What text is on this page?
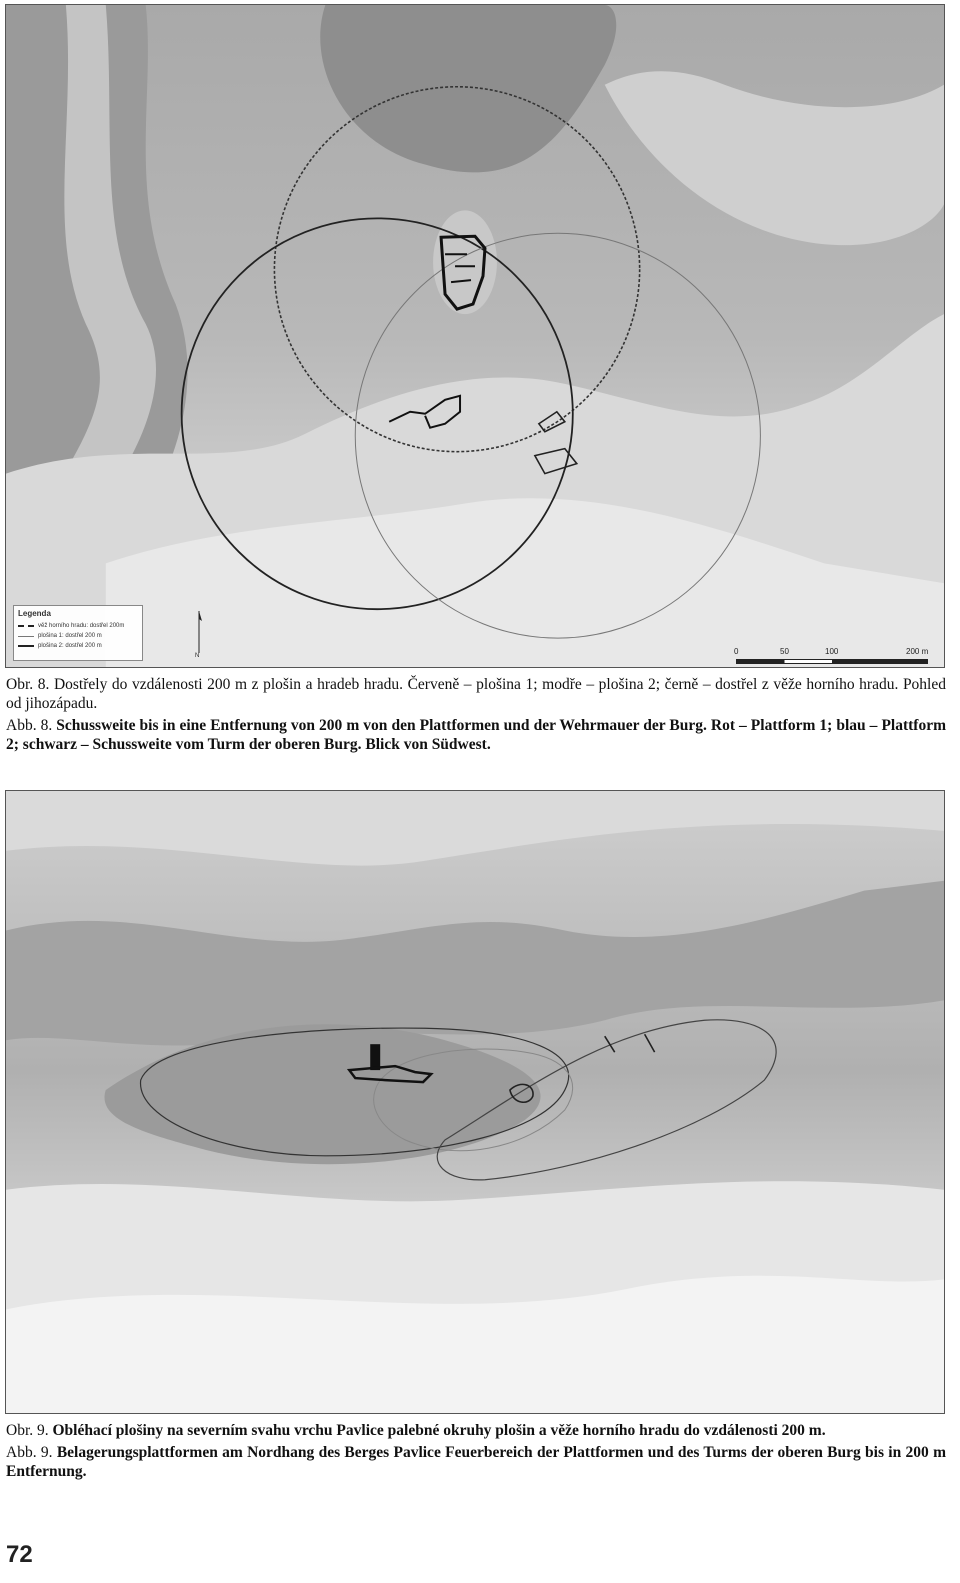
Legenda
věž horního hradu: dostřel 200m
plošina 1: dostřel 200 m
plošina 2: dostřel 200 m
N	0	50	100	200 m

Obr. 8. Dostřely do vzdálenosti 200 m z plošin a hradeb hradu. Červeně – plošina 1; modře – plošina 2; černě – dostřel z věže horního hradu. Pohled od jihozápadu.

Abb. 8. Schussweite bis in eine Entfernung von 200 m von den Plattformen und der Wehrmauer der Burg. Rot – Plattform 1; blau – Plattform 2; schwarz – Schussweite vom Turm der oberen Burg. Blick von Südwest.

Obr. 9. Obléhací plošiny na severním svahu vrchu Pavlice palebné okruhy plošin a věže horního hradu do vzdálenosti 200 m.

Abb. 9. Belagerungsplattformen am Nordhang des Berges Pavlice Feuerbereich der Plattformen und des Turms der oberen Burg bis in 200 m Entfernung.

72
